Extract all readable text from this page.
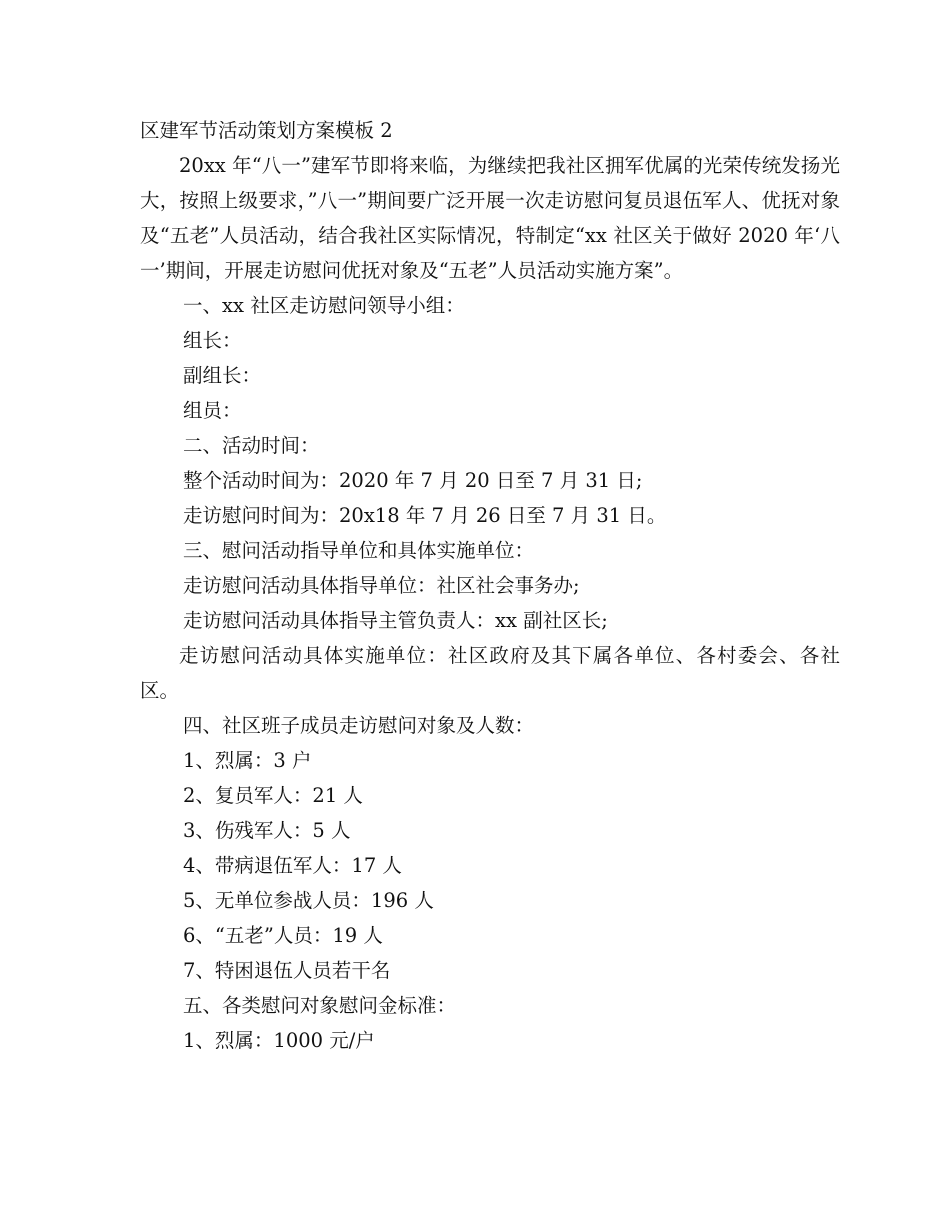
区建军节活动策划方案模板 2

20xx 年“八一”建军节即将来临，为继续把我社区拥军优属的光荣传统发扬光大，按照上级要求，”八一”期间要广泛开展一次走访慰问复员退伍军人、优抚对象及“五老”人员活动，结合我社区实际情况，特制定“xx 社区关于做好 2020 年‘八一’期间，开展走访慰问优抚对象及“五老”人员活动实施方案”。

一、xx 社区走访慰问领导小组：

组长：

副组长：

组员：

二、活动时间：

整个活动时间为：2020 年 7 月 20 日至 7 月 31 日;

走访慰问时间为：20x18 年 7 月 26 日至 7 月 31 日。

三、慰问活动指导单位和具体实施单位：

走访慰问活动具体指导单位：社区社会事务办;

走访慰问活动具体指导主管负责人：xx 副社区长;

走访慰问活动具体实施单位：社区政府及其下属各单位、各村委会、各社区。

四、社区班子成员走访慰问对象及人数：

1、烈属：3 户

2、复员军人：21 人

3、伤残军人：5 人

4、带病退伍军人：17 人

5、无单位参战人员：196 人

6、“五老”人员：19 人

7、特困退伍人员若干名

五、各类慰问对象慰问金标准：

1、烈属：1000 元/户
